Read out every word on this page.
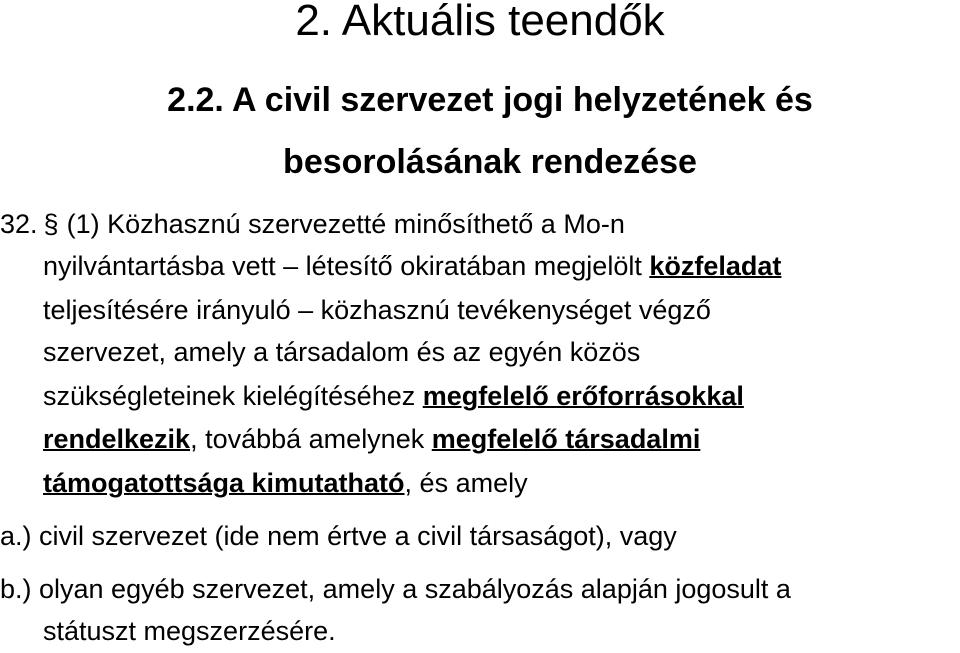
2. Aktuális teendők
2.2. A civil szervezet jogi helyzetének és
besorolásának rendezése
32. § (1) Közhasznú szervezetté minősíthető a Mo-n
nyilvántartásba vett – létesítő okiratában megjelölt közfeladat
teljesítésére irányuló – közhasznú tevékenységet végző
szervezet, amely a társadalom és az egyén közös
szükségleteinek kielégítéséhez megfelelő erőforrásokkal
rendelkezik, továbbá amelynek megfelelő társadalmi
támogatottsága kimutatható, és amely
a.) civil szervezet (ide nem értve a civil társaságot), vagy
b.) olyan egyéb szervezet, amely a szabályozás alapján jogosult a
státuszt megszerzésére.
